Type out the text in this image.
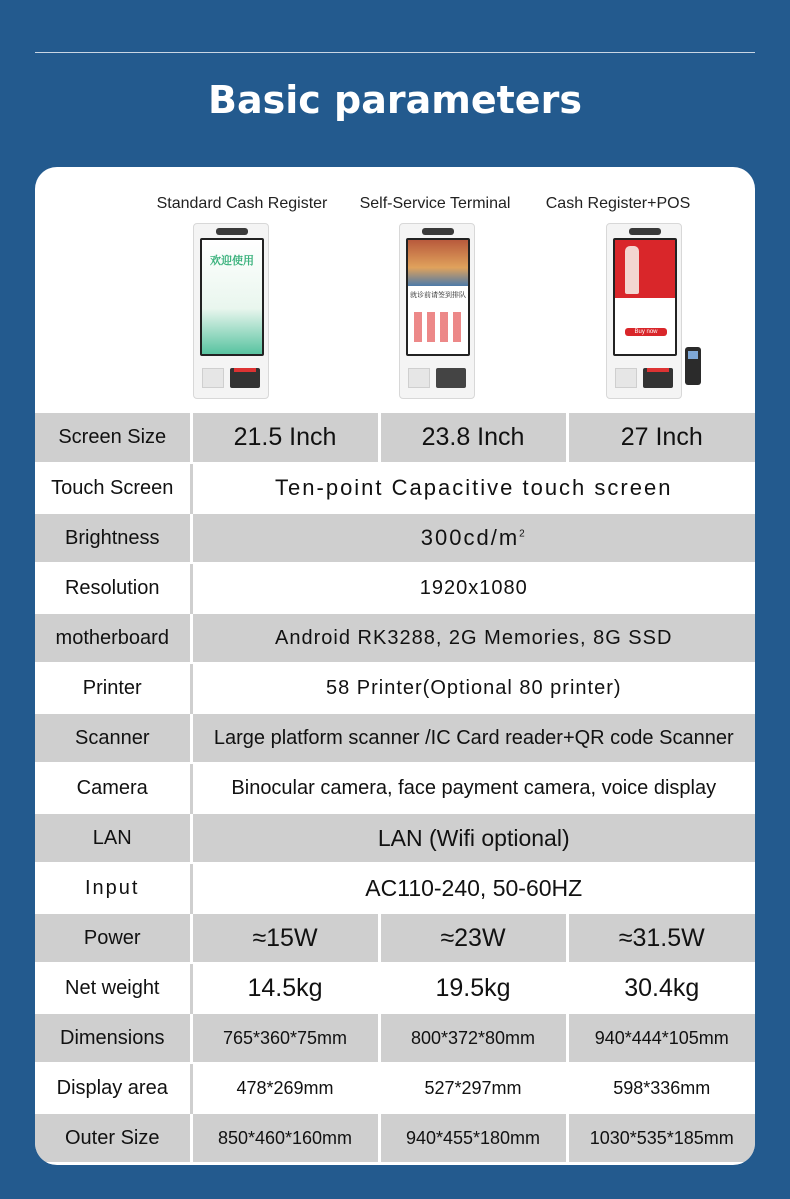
Basic parameters
Standard Cash Register
欢迎使用
Self-Service Terminal
就诊前请签到排队
Cash Register+POS
Buy now
Screen Size	21.5 Inch	23.8 Inch	27 Inch
Touch Screen	Ten-point Capacitive touch screen		
Brightness	$300cd/m^2$
Resolution	1920x1080		
motherboard	Android RK3288, 2G Memories, 8G SSD		
Printer	58 Printer(Optional 80 printer)		
Scanner	Large platform scanner /IC Card reader+QR code Scanner		
Camera	Binocular camera, face payment camera, voice display		
LAN	LAN (Wifi optional)		
Input	AC110-240, 50-60HZ		
Power	≈15W	≈23W	≈31.5W
Net weight	14.5kg	19.5kg	30.4kg
Dimensions	765*360*75mm	800*372*80mm	940*444*105mm
Display area	478*269mm	527*297mm	598*336mm
Outer Size	850*460*160mm	940*455*180mm	1030*535*185mm
